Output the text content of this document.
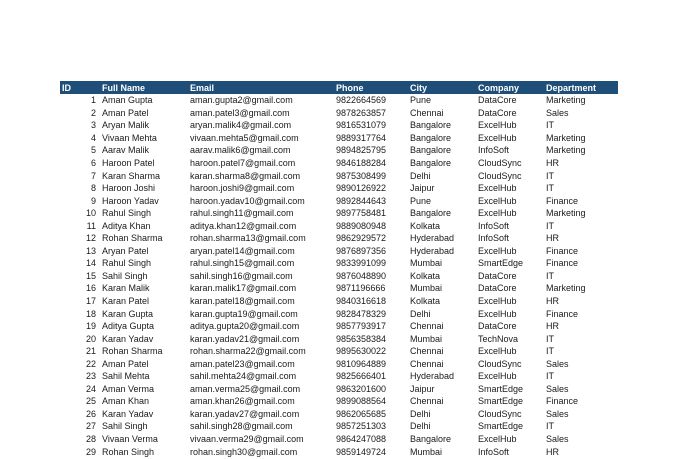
ID	Full Name	Email	Phone	City	Company	Department
1	Aman Gupta	aman.gupta2@gmail.com	9822664569	Pune	DataCore	Marketing
2	Aman Patel	aman.patel3@gmail.com	9878263857	Chennai	DataCore	Sales
3	Aryan Malik	aryan.malik4@gmail.com	9816531079	Bangalore	ExcelHub	IT
4	Vivaan Mehta	vivaan.mehta5@gmail.com	9889317764	Bangalore	ExcelHub	Marketing
5	Aarav Malik	aarav.malik6@gmail.com	9894825795	Bangalore	InfoSoft	Marketing
6	Haroon Patel	haroon.patel7@gmail.com	9846188284	Bangalore	CloudSync	HR
7	Karan Sharma	karan.sharma8@gmail.com	9875308499	Delhi	CloudSync	IT
8	Haroon Joshi	haroon.joshi9@gmail.com	9890126922	Jaipur	ExcelHub	IT
9	Haroon Yadav	haroon.yadav10@gmail.com	9892844643	Pune	ExcelHub	Finance
10	Rahul Singh	rahul.singh11@gmail.com	9897758481	Bangalore	ExcelHub	Marketing
11	Aditya Khan	aditya.khan12@gmail.com	9889080948	Kolkata	InfoSoft	IT
12	Rohan Sharma	rohan.sharma13@gmail.com	9862929572	Hyderabad	InfoSoft	HR
13	Aryan Patel	aryan.patel14@gmail.com	9876897356	Hyderabad	ExcelHub	Finance
14	Rahul Singh	rahul.singh15@gmail.com	9833991099	Mumbai	SmartEdge	Finance
15	Sahil Singh	sahil.singh16@gmail.com	9876048890	Kolkata	DataCore	IT
16	Karan Malik	karan.malik17@gmail.com	9871196666	Mumbai	DataCore	Marketing
17	Karan Patel	karan.patel18@gmail.com	9840316618	Kolkata	ExcelHub	HR
18	Karan Gupta	karan.gupta19@gmail.com	9828478329	Delhi	ExcelHub	Finance
19	Aditya Gupta	aditya.gupta20@gmail.com	9857793917	Chennai	DataCore	HR
20	Karan Yadav	karan.yadav21@gmail.com	9856358384	Mumbai	TechNova	IT
21	Rohan Sharma	rohan.sharma22@gmail.com	9895630022	Chennai	ExcelHub	IT
22	Aman Patel	aman.patel23@gmail.com	9810964889	Chennai	CloudSync	Sales
23	Sahil Mehta	sahil.mehta24@gmail.com	9825666401	Hyderabad	ExcelHub	IT
24	Aman Verma	aman.verma25@gmail.com	9863201600	Jaipur	SmartEdge	Sales
25	Aman Khan	aman.khan26@gmail.com	9899088564	Chennai	SmartEdge	Finance
26	Karan Yadav	karan.yadav27@gmail.com	9862065685	Delhi	CloudSync	Sales
27	Sahil Singh	sahil.singh28@gmail.com	9857251303	Delhi	SmartEdge	IT
28	Vivaan Verma	vivaan.verma29@gmail.com	9864247088	Bangalore	ExcelHub	Sales
29	Rohan Singh	rohan.singh30@gmail.com	9859149724	Mumbai	InfoSoft	HR
